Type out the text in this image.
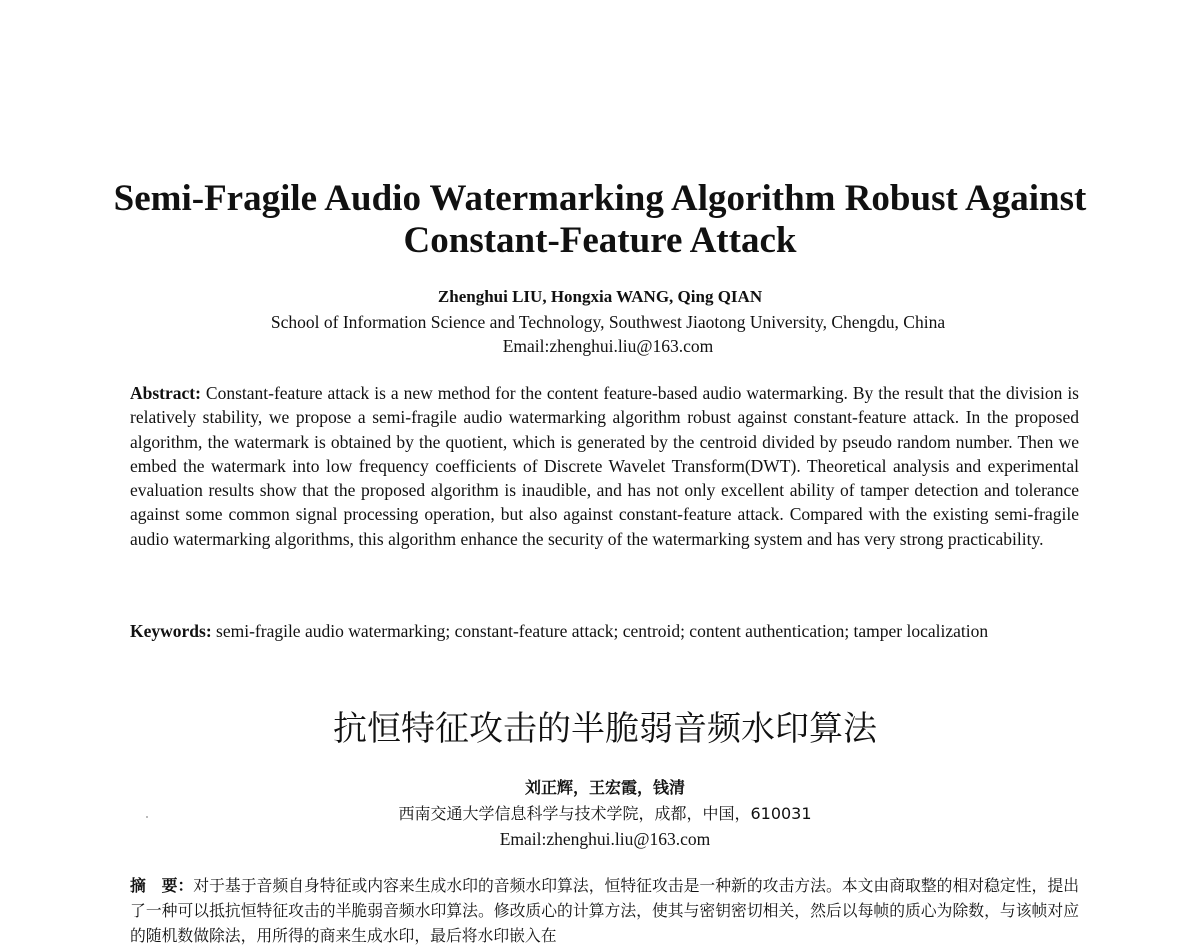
Semi-Fragile Audio Watermarking Algorithm Robust Against
Constant-Feature Attack
Zhenghui LIU, Hongxia WANG, Qing QIAN
School of Information Science and Technology, Southwest Jiaotong University, Chengdu, China
Email:zhenghui.liu@163.com
Abstract: Constant-feature attack is a new method for the content feature-based audio watermarking. By the result that the division is relatively stability, we propose a semi-fragile audio watermarking algorithm robust against constant-feature attack. In the proposed algorithm, the watermark is obtained by the quotient, which is generated by the centroid divided by pseudo random number. Then we embed the watermark into low frequency coefficients of Discrete Wavelet Transform(DWT). Theoretical analysis and experimental evaluation results show that the proposed algorithm is inaudible, and has not only excellent ability of tamper detection and tolerance against some common signal processing operation, but also against constant-feature attack. Compared with the existing semi-fragile audio watermarking algorithms, this algorithm enhance the security of the watermarking system and has very strong practicability.
Keywords: semi-fragile audio watermarking; constant-feature attack; centroid; content authentication; tamper localization
抗恒特征攻击的半脆弱音频水印算法
刘正辉，王宏霞，钱清
西南交通大学信息科学与技术学院，成都，中国，610031
Email:zhenghui.liu@163.com
摘　要：对于基于音频自身特征或内容来生成水印的音频水印算法，恒特征攻击是一种新的攻击方法。本文由商取整的相对稳定性，提出了一种可以抵抗恒特征攻击的半脆弱音频水印算法。修改质心的计算方法，使其与密钥密切相关，然后以每帧的质心为除数，与该帧对应的随机数做除法，用所得的商来生成水印，最后将水印嵌入在
